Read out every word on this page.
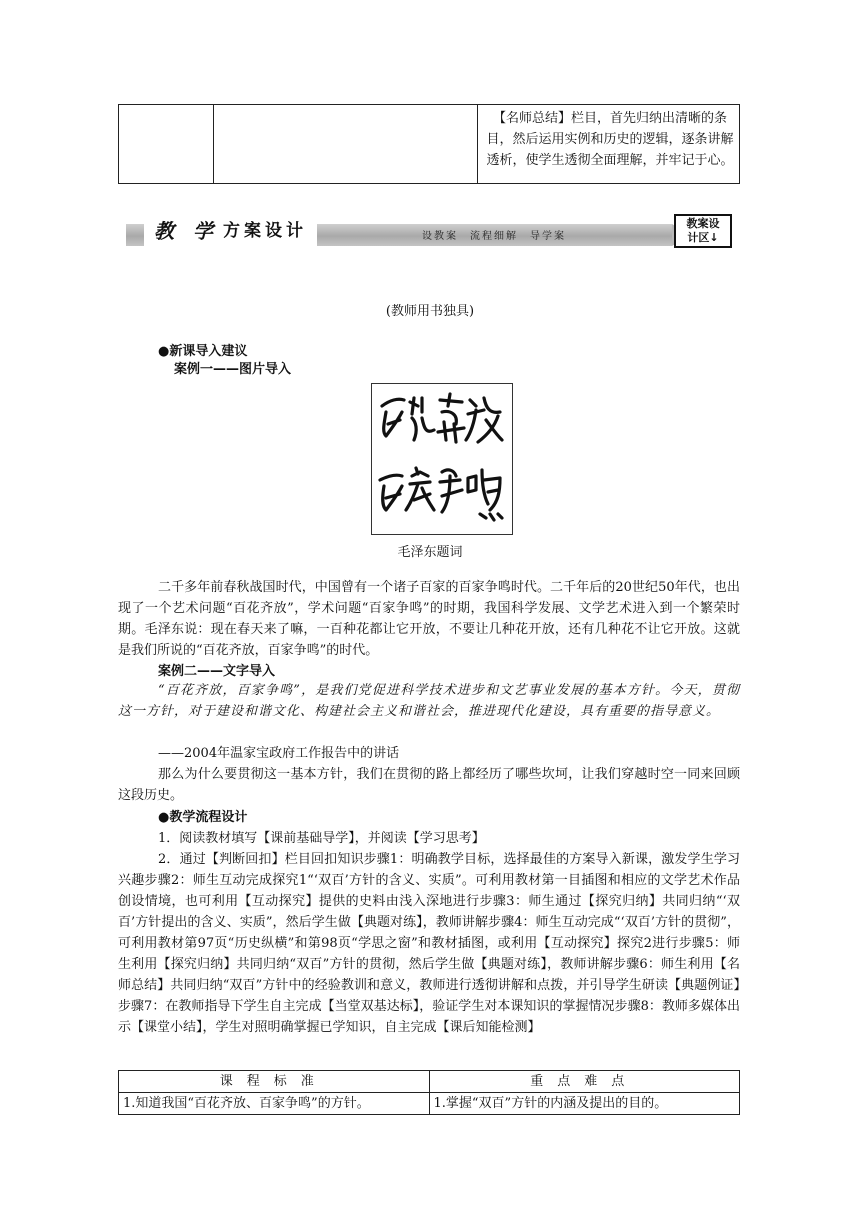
【名师总结】栏目，首先归纳出清晰的条目，然后运用实例和历史的逻辑，逐条讲解透析，使学生透彻全面理解，并牢记于心。
教 学 方案设计	设教案　流程细解　导学案
教案设
计区↓
(教师用书独具)
●新课导入建议
案例一——图片导入
毛泽东题词
二千多年前春秋战国时代，中国曾有一个诸子百家的百家争鸣时代。二千年后的20世纪50年代，也出现了一个艺术问题“百花齐放”，学术问题“百家争鸣”的时期，我国科学发展、文学艺术进入到一个繁荣时期。毛泽东说：现在春天来了嘛，一百种花都让它开放，不要让几种花开放，还有几种花不让它开放。这就是我们所说的“百花齐放，百家争鸣”的时代。
案例二——文字导入
“百花齐放，百家争鸣”，是我们党促进科学技术进步和文艺事业发展的基本方针。今天，贯彻这一方针，对于建设和谐文化、构建社会主义和谐社会，推进现代化建设，具有重要的指导意义。
——2004年温家宝政府工作报告中的讲话
那么为什么要贯彻这一基本方针，我们在贯彻的路上都经历了哪些坎坷，让我们穿越时空一同来回顾这段历史。
●教学流程设计
1．阅读教材填写【课前基础导学】，并阅读【学习思考】
2．通过【判断回扣】栏目回扣知识步骤1：明确教学目标，选择最佳的方案导入新课，激发学生学习兴趣步骤2：师生互动完成探究1“‘双百’方针的含义、实质”。可利用教材第一目插图和相应的文学艺术作品创设情境，也可利用【互动探究】提供的史料由浅入深地进行步骤3：师生通过【探究归纳】共同归纳“‘双百’方针提出的含义、实质”，然后学生做【典题对练】，教师讲解步骤4：师生互动完成“‘双百’方针的贯彻”，可利用教材第97页“历史纵横”和第98页“学思之窗”和教材插图，或利用【互动探究】探究2进行步骤5：师生利用【探究归纳】共同归纳“双百”方针的贯彻，然后学生做【典题对练】，教师讲解步骤6：师生利用【名师总结】共同归纳“双百”方针中的经验教训和意义，教师进行透彻讲解和点拨，并引导学生研读【典题例证】步骤7：在教师指导下学生自主完成【当堂双基达标】，验证学生对本课知识的掌握情况步骤8：教师多媒体出示【课堂小结】，学生对照明确掌握已学知识，自主完成【课后知能检测】
课程标准	重点难点
1.知道我国“百花齐放、百家争鸣”的方针。	1.掌握“双百”方针的内涵及提出的目的。
